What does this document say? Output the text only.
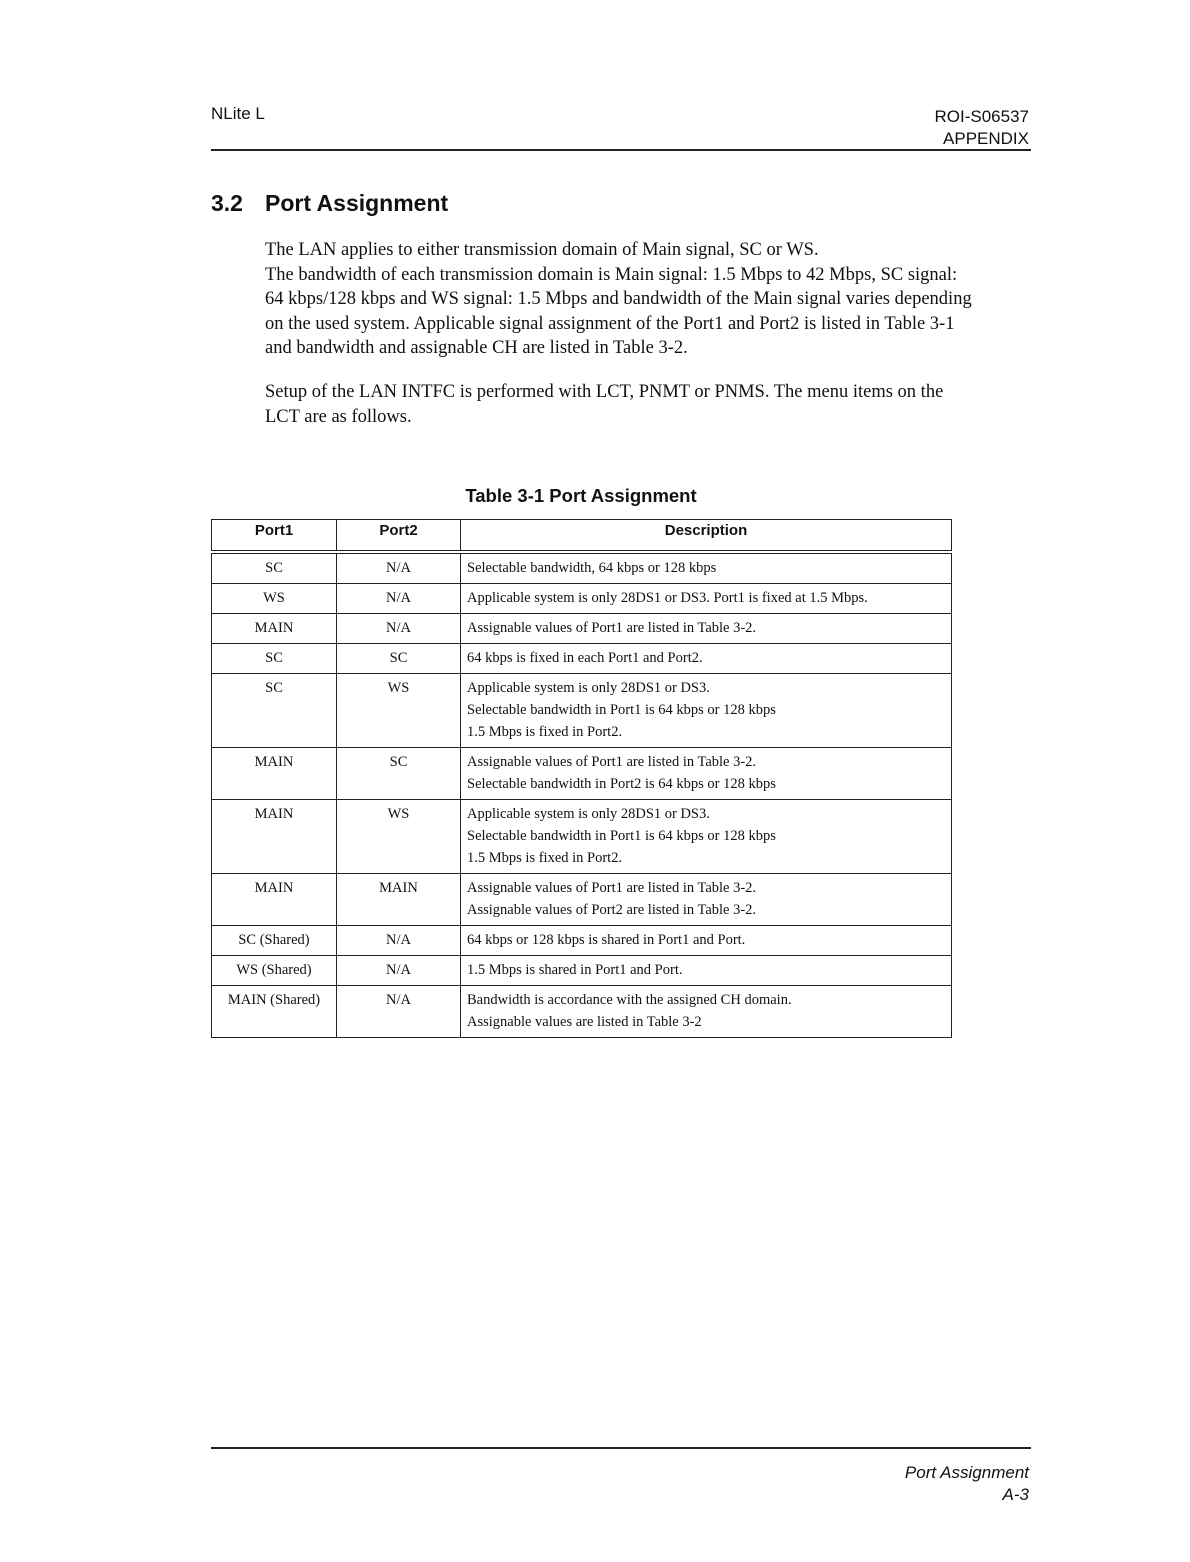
NLite L	ROI-S06537
APPENDIX
3.2 Port Assignment

The LAN applies to either transmission domain of Main signal, SC or WS.

The bandwidth of each transmission domain is Main signal: 1.5 Mbps to 42 Mbps, SC signal:

64 kbps/128 kbps and WS signal: 1.5 Mbps and bandwidth of the Main signal varies depending

on the used system. Applicable signal assignment of the Port1 and Port2 is listed in Table 3-1

and bandwidth and assignable CH are listed in Table 3-2.

Setup of the LAN INTFC is performed with LCT, PNMT or PNMS. The menu items on the

LCT are as follows.

Table 3-1 Port Assignment
Port1	Port2	Description
SC	N/A	Selectable bandwidth, 64 kbps or 128 kbps

WS	N/A	Applicable system is only 28DS1 or DS3. Port1 is fixed at 1.5 Mbps.

MAIN	N/A	Assignable values of Port1 are listed in Table 3-2.

SC	SC	64 kbps is fixed in each Port1 and Port2.

SC	WS	Applicable system is only 28DS1 or DS3.
Selectable bandwidth in Port1 is 64 kbps or 128 kbps
1.5 Mbps is fixed in Port2.

MAIN	SC	Assignable values of Port1 are listed in Table 3-2.
Selectable bandwidth in Port2 is 64 kbps or 128 kbps

MAIN	WS	Applicable system is only 28DS1 or DS3.
Selectable bandwidth in Port1 is 64 kbps or 128 kbps
1.5 Mbps is fixed in Port2.

MAIN	MAIN	Assignable values of Port1 are listed in Table 3-2.
Assignable values of Port2 are listed in Table 3-2.

SC (Shared)	N/A	64 kbps or 128 kbps is shared in Port1 and Port.

WS (Shared)	N/A	1.5 Mbps is shared in Port1 and Port.

MAIN (Shared)	N/A	Bandwidth is accordance with the assigned CH domain.
Assignable values are listed in Table 3-2
Port Assignment
A-3
